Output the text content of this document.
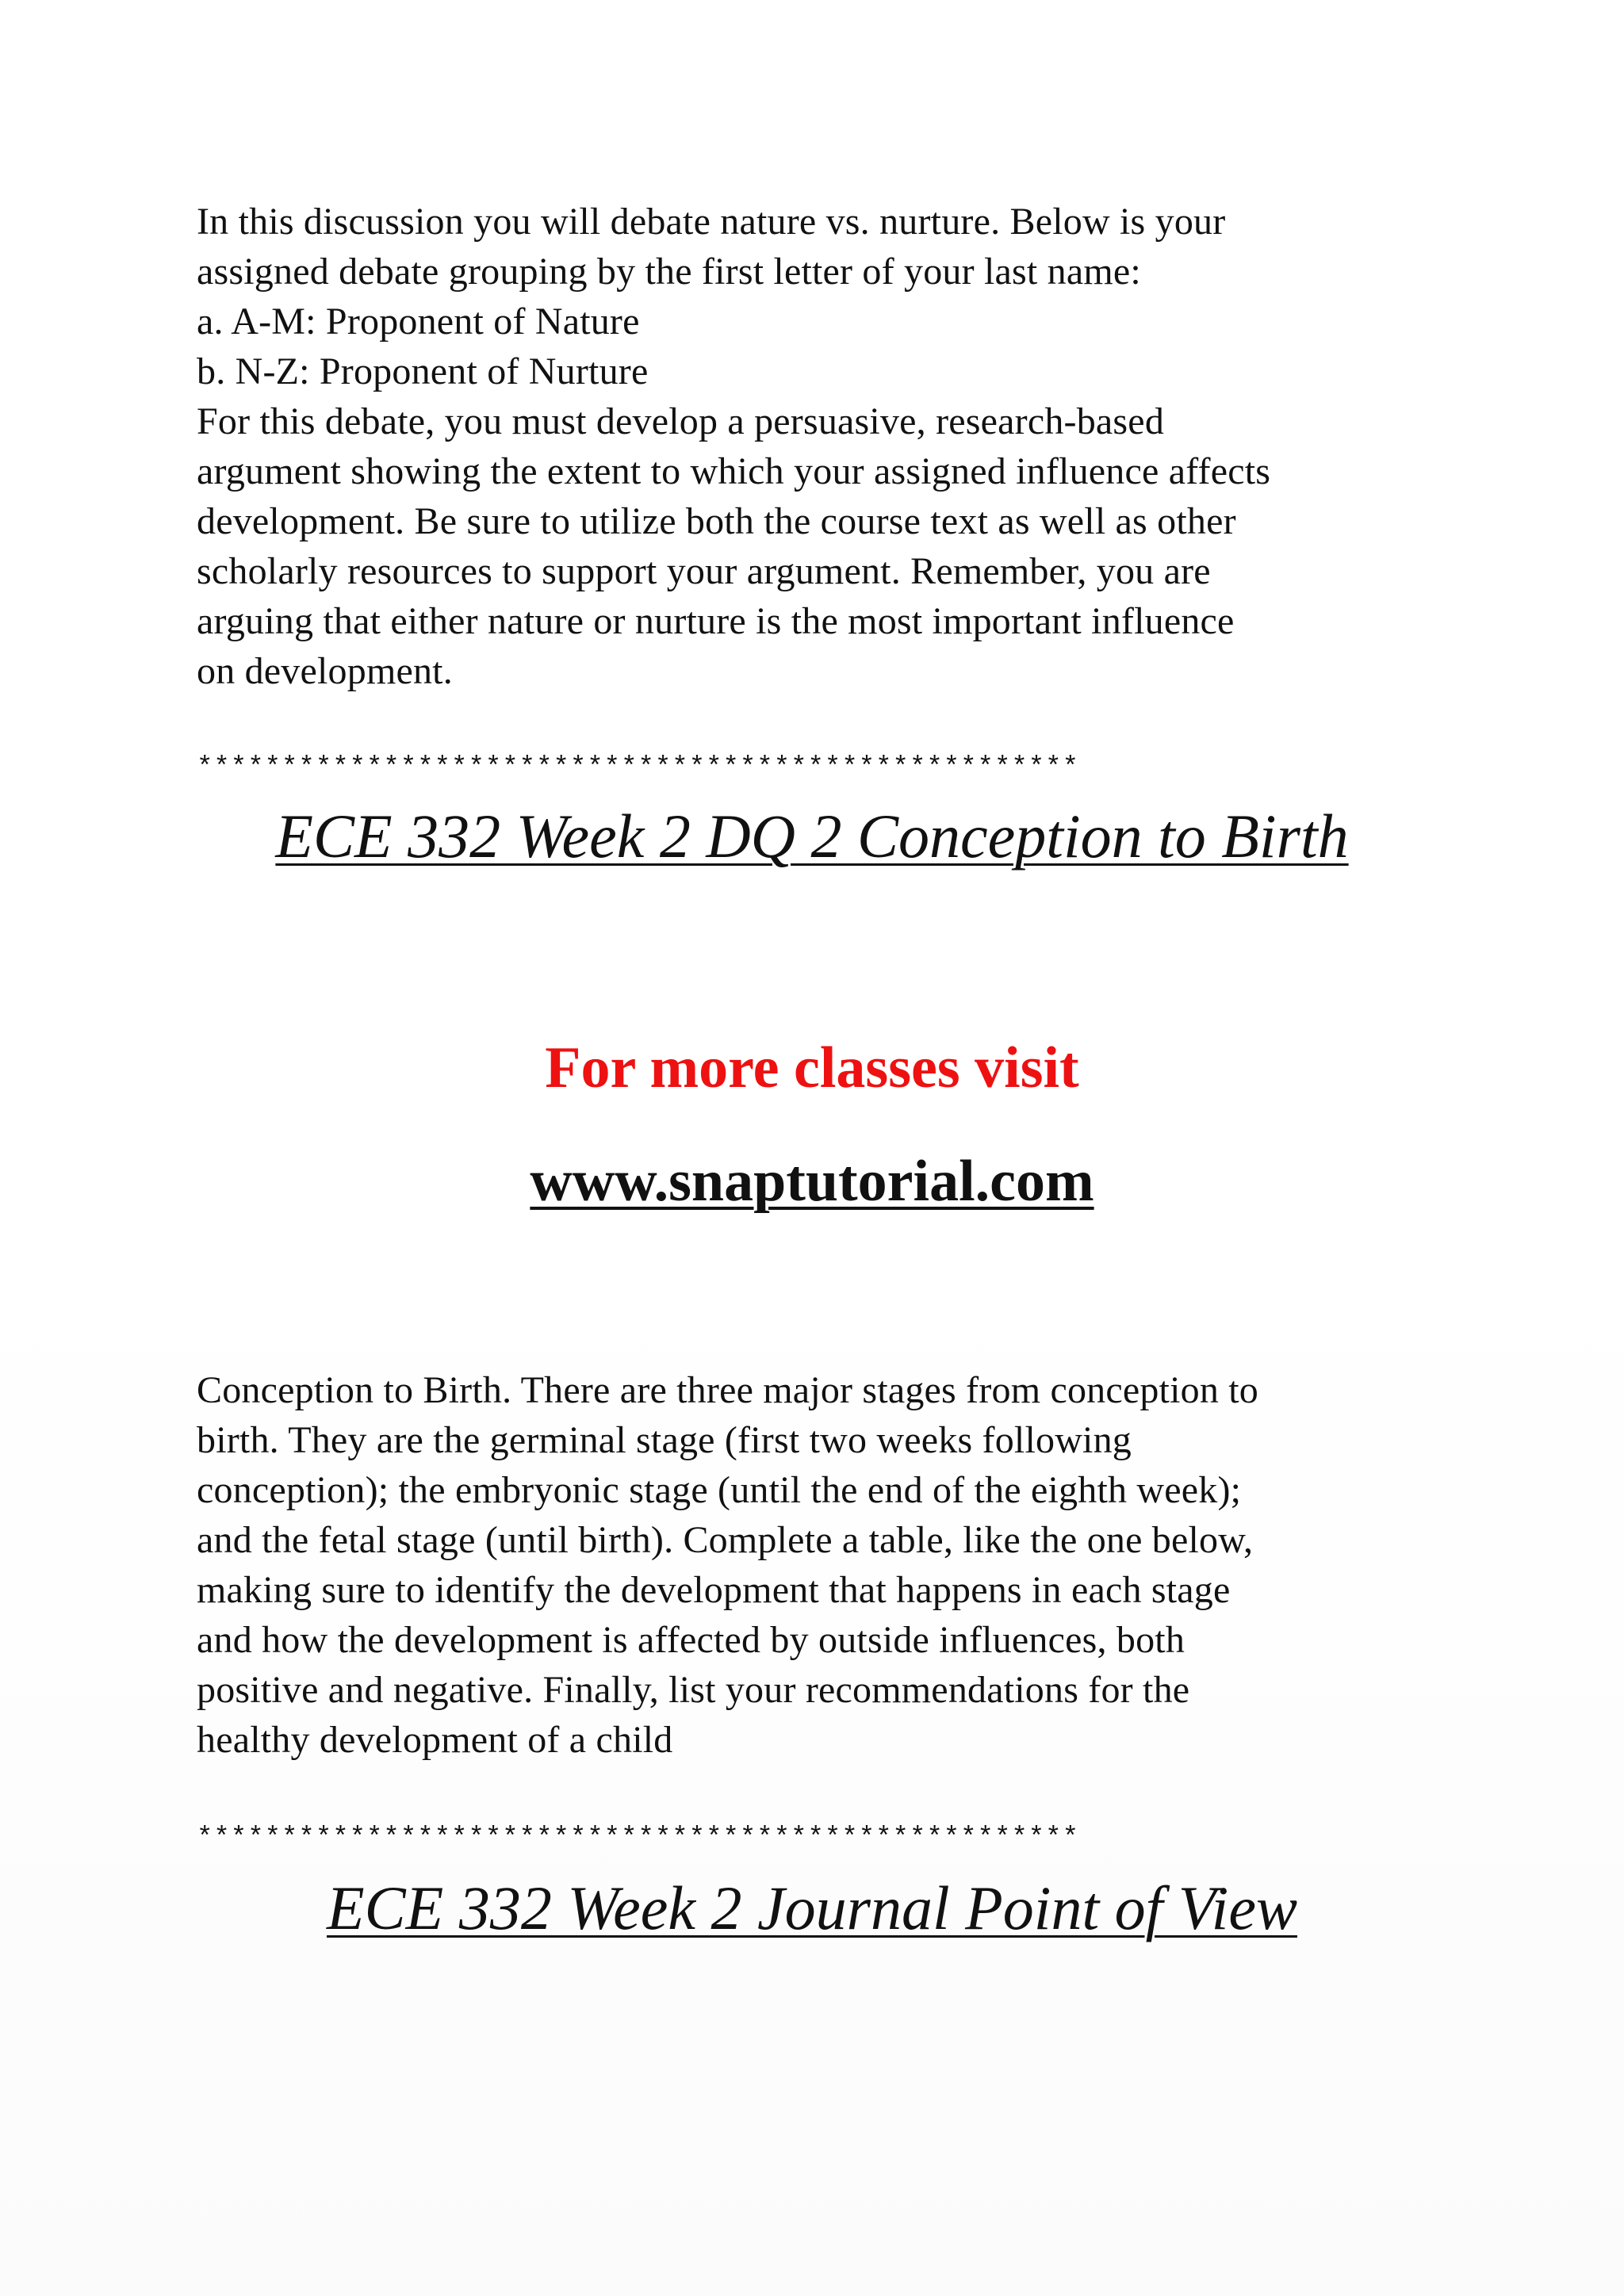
In this discussion you will debate nature vs. nurture. Below is your
assigned debate grouping by the first letter of your last name:
a. A-M: Proponent of Nature
b. N-Z: Proponent of Nurture
For this debate, you must develop a persuasive, research-based
argument showing the extent to which your assigned influence affects
development. Be sure to utilize both the course text as well as other
scholarly resources to support your argument. Remember, you are
arguing that either nature or nurture is the most important influence
on development.
****************************************************
ECE 332 Week 2 DQ 2 Conception to Birth
For more classes visit
www.snaptutorial.com
Conception to Birth. There are three major stages from conception to
birth. They are the germinal stage (first two weeks following
conception); the embryonic stage (until the end of the eighth week);
and the fetal stage (until birth). Complete a table, like the one below,
making sure to identify the development that happens in each stage
and how the development is affected by outside influences, both
positive and negative. Finally, list your recommendations for the
healthy development of a child
****************************************************
ECE 332 Week 2 Journal Point of View
